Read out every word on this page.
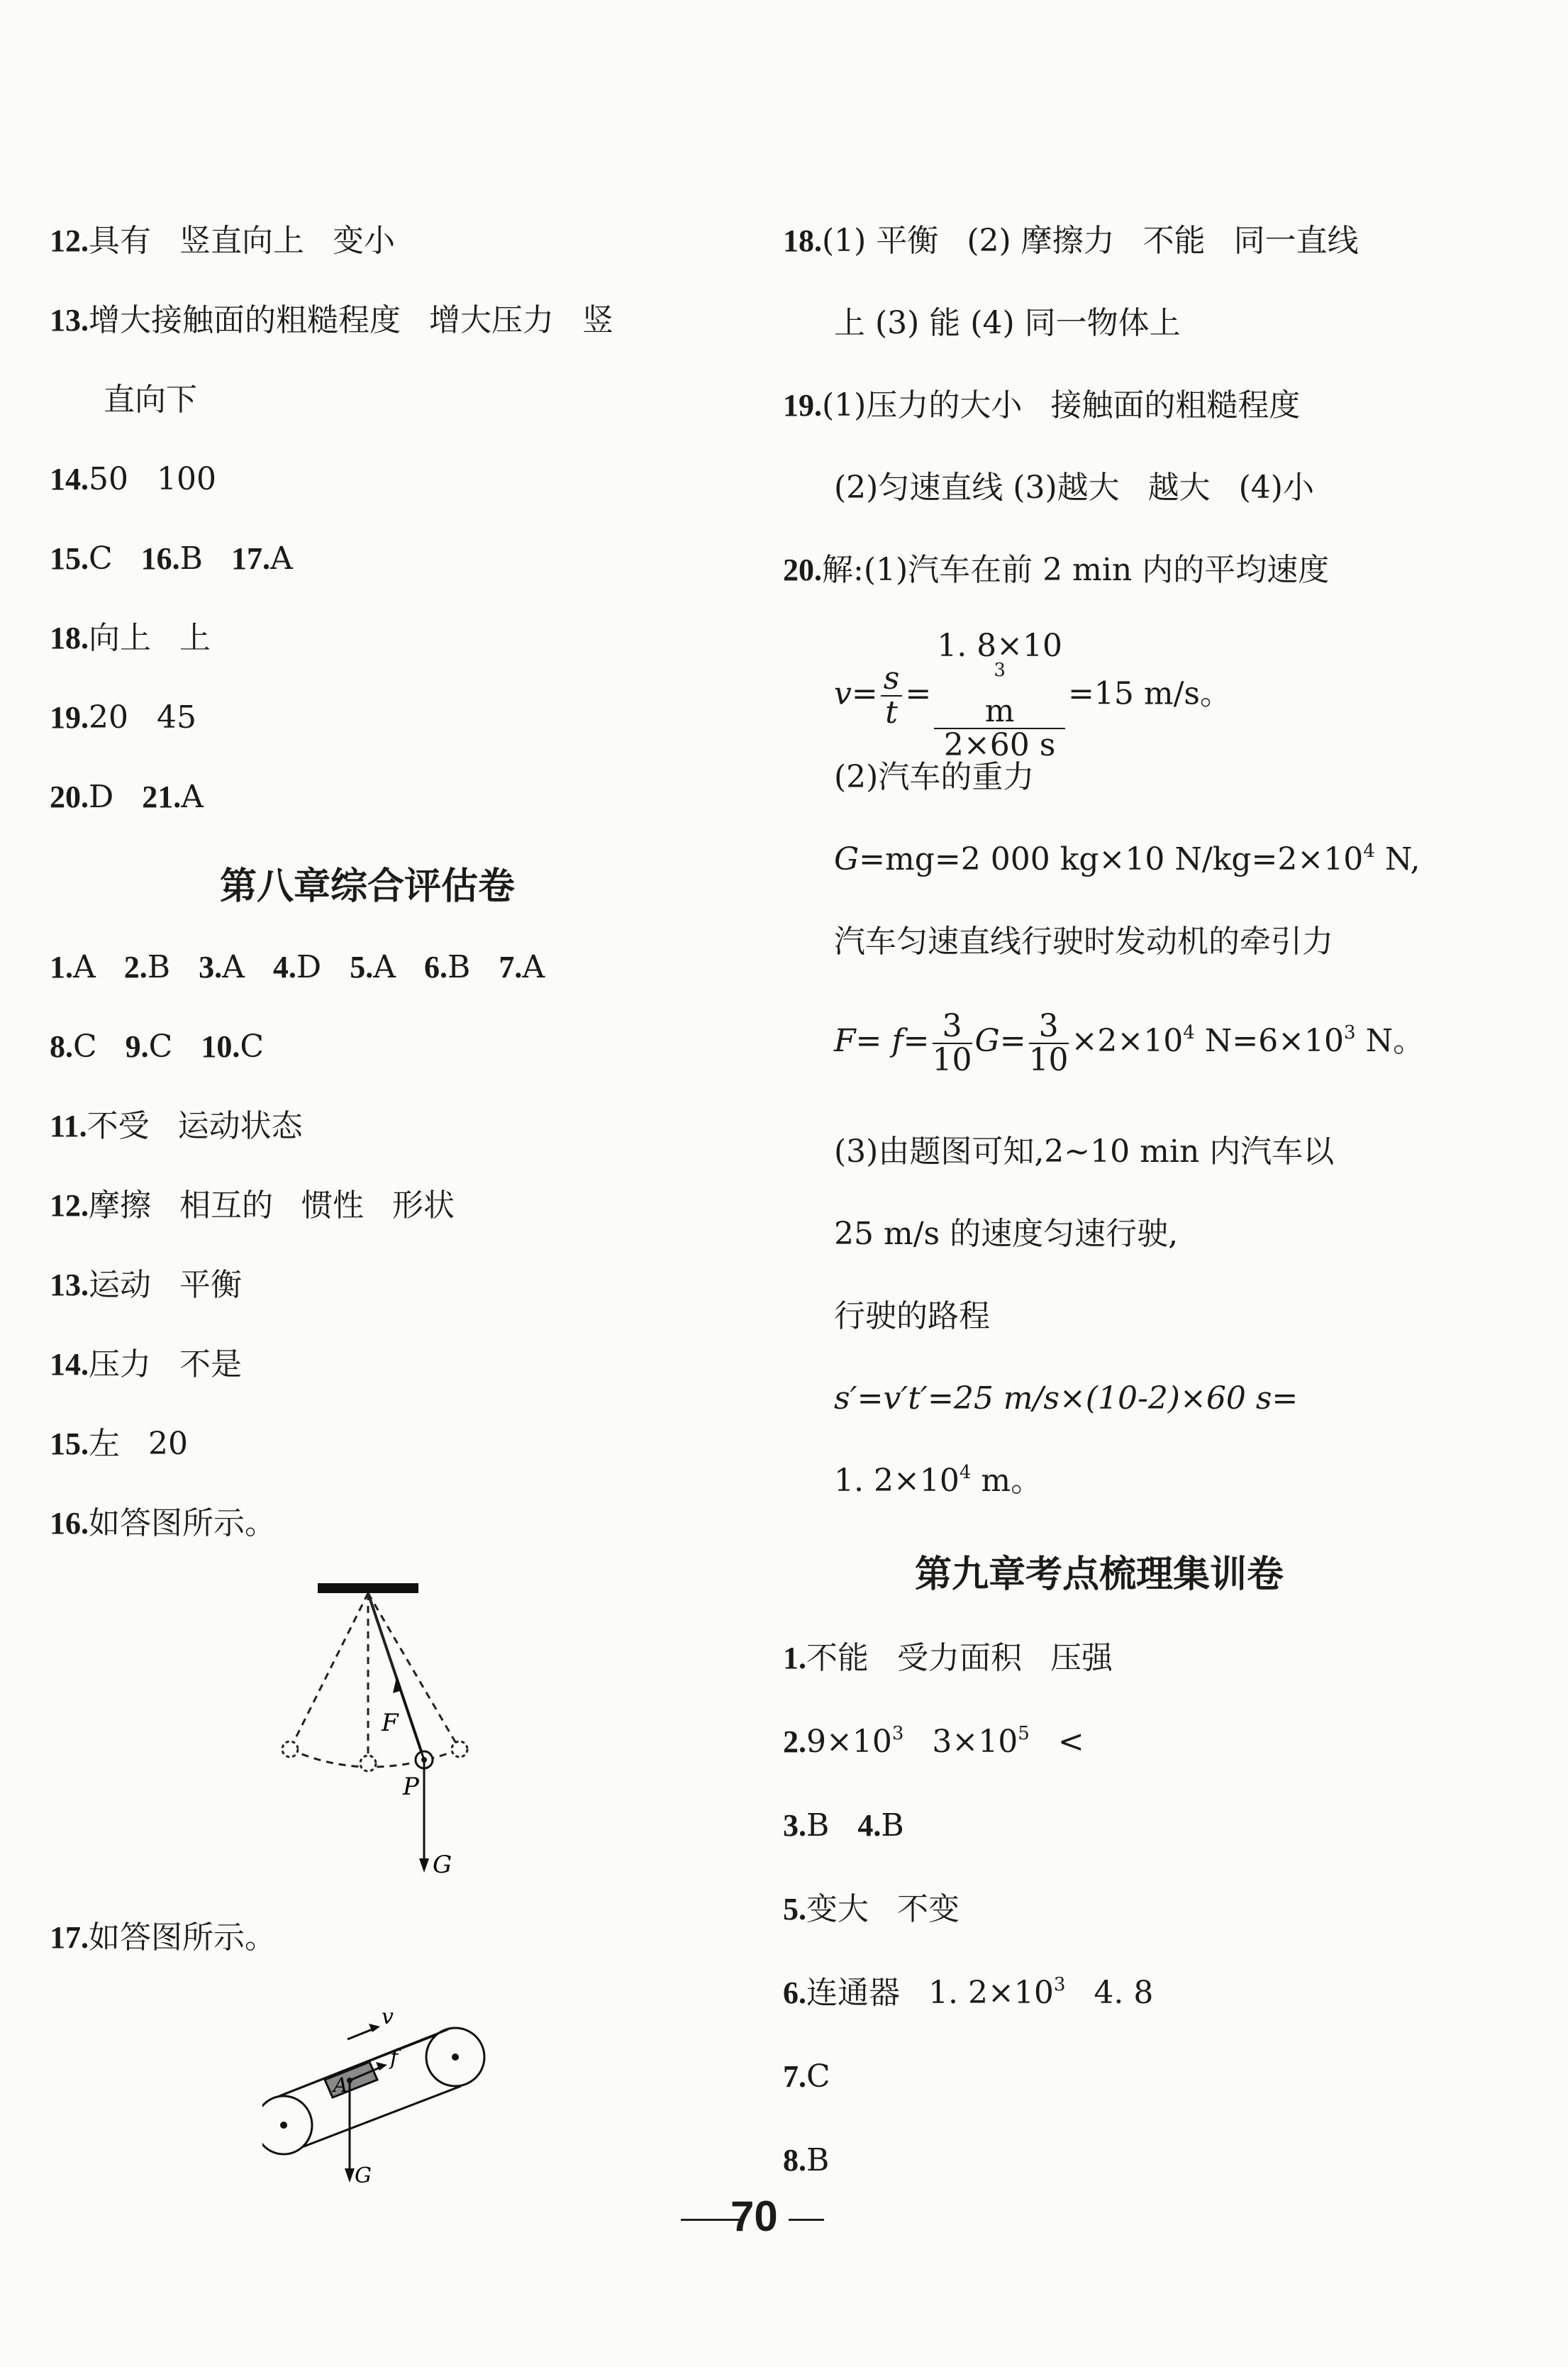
12.具有 竖直向上 变小
13.增大接触面的粗糙程度 增大压力 竖
直向下
14.50 100
15.C 16.B 17.A
18.向上 上
19.20 45
20.D 21.A
第八章综合评估卷
1.A 2.B 3.A 4.D 5.A 6.B 7.A
8.C 9.C 10.C
11.不受 运动状态
12.摩擦 相互的 惯性 形状
13.运动 平衡
14.压力 不是
15.左 20
16.如答图所示。
F
P
G
17.如答图所示。
v
f
A
G
18.(1) 平衡 (2) 摩擦力 不能 同一直线
上 (3) 能 (4) 同一物体上
19.(1)压力的大小 接触面的粗糙程度
(2)匀速直线 (3)越大 越大 (4)小
20.解:(1)汽车在前 2 min 内的平均速度
$v= \frac{s}{t} = 1$. 8×10
$^3$
m
2×60 s =15 m/s。
(2)汽车的重力
G=mg=2 000 kg×10 $N/kg=2\times 10^4$ N,
汽车匀速直线行驶时发动机的牵引力
$F= f= \frac{3}{10} G= \frac{3}{10} \times 2\times 10^4$ $N=6\times 10^3$ N。
(3)由题图可知,2~10 min 内汽车以
25 m/s 的速度匀速行驶,
行驶的路程
s′=v′t′=25 m/s×(10-2)×60 s=
1. $2\times 10^4$ m。
第九章考点梳理集训卷
1.不能 受力面积 压强
$2.9\times 10^3$ $3\times 10^5$ <
3.B 4.B
5.变大 不变
6.连通器 1. $2\times 10^3$ 4. 8
7.C
8.B
70
